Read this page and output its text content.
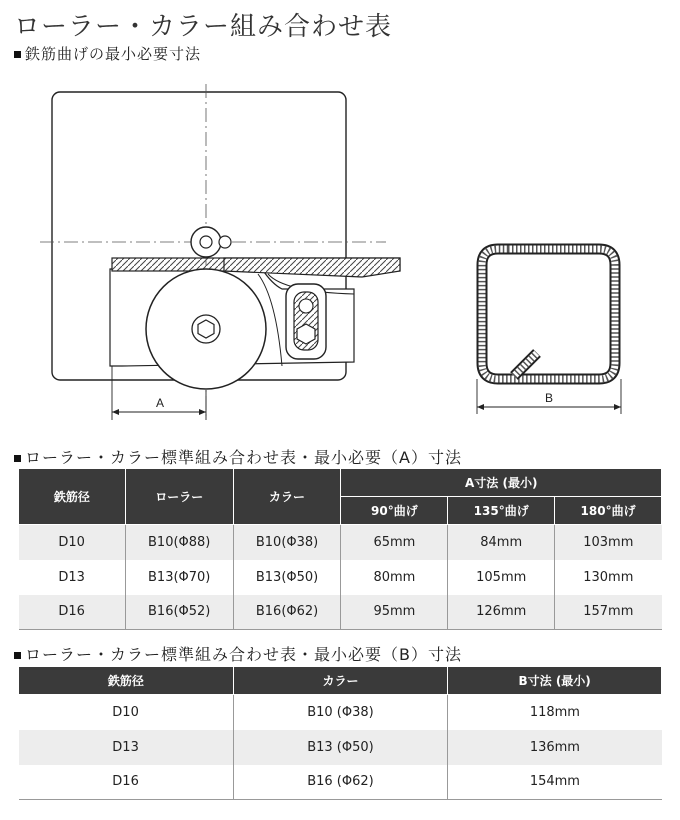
ローラー・カラー組み合わせ表
鉄筋曲げの最小必要寸法
A	B
ローラー・カラー標準組み合わせ表・最小必要（A）寸法
鉄筋径	ローラー	カラー	A寸法 (最小)		
			90°曲げ	135°曲げ	180°曲げ
D10	B10(Φ88)	B10(Φ38)	65mm	84mm	103mm
D13	B13(Φ70)	B13(Φ50)	80mm	105mm	130mm
D16	B16(Φ52)	B16(Φ62)	95mm	126mm	157mm
ローラー・カラー標準組み合わせ表・最小必要（B）寸法
鉄筋径	カラー	B寸法 (最小)
D10	B10 (Φ38)	118mm
D13	B13 (Φ50)	136mm
D16	B16 (Φ62)	154mm
